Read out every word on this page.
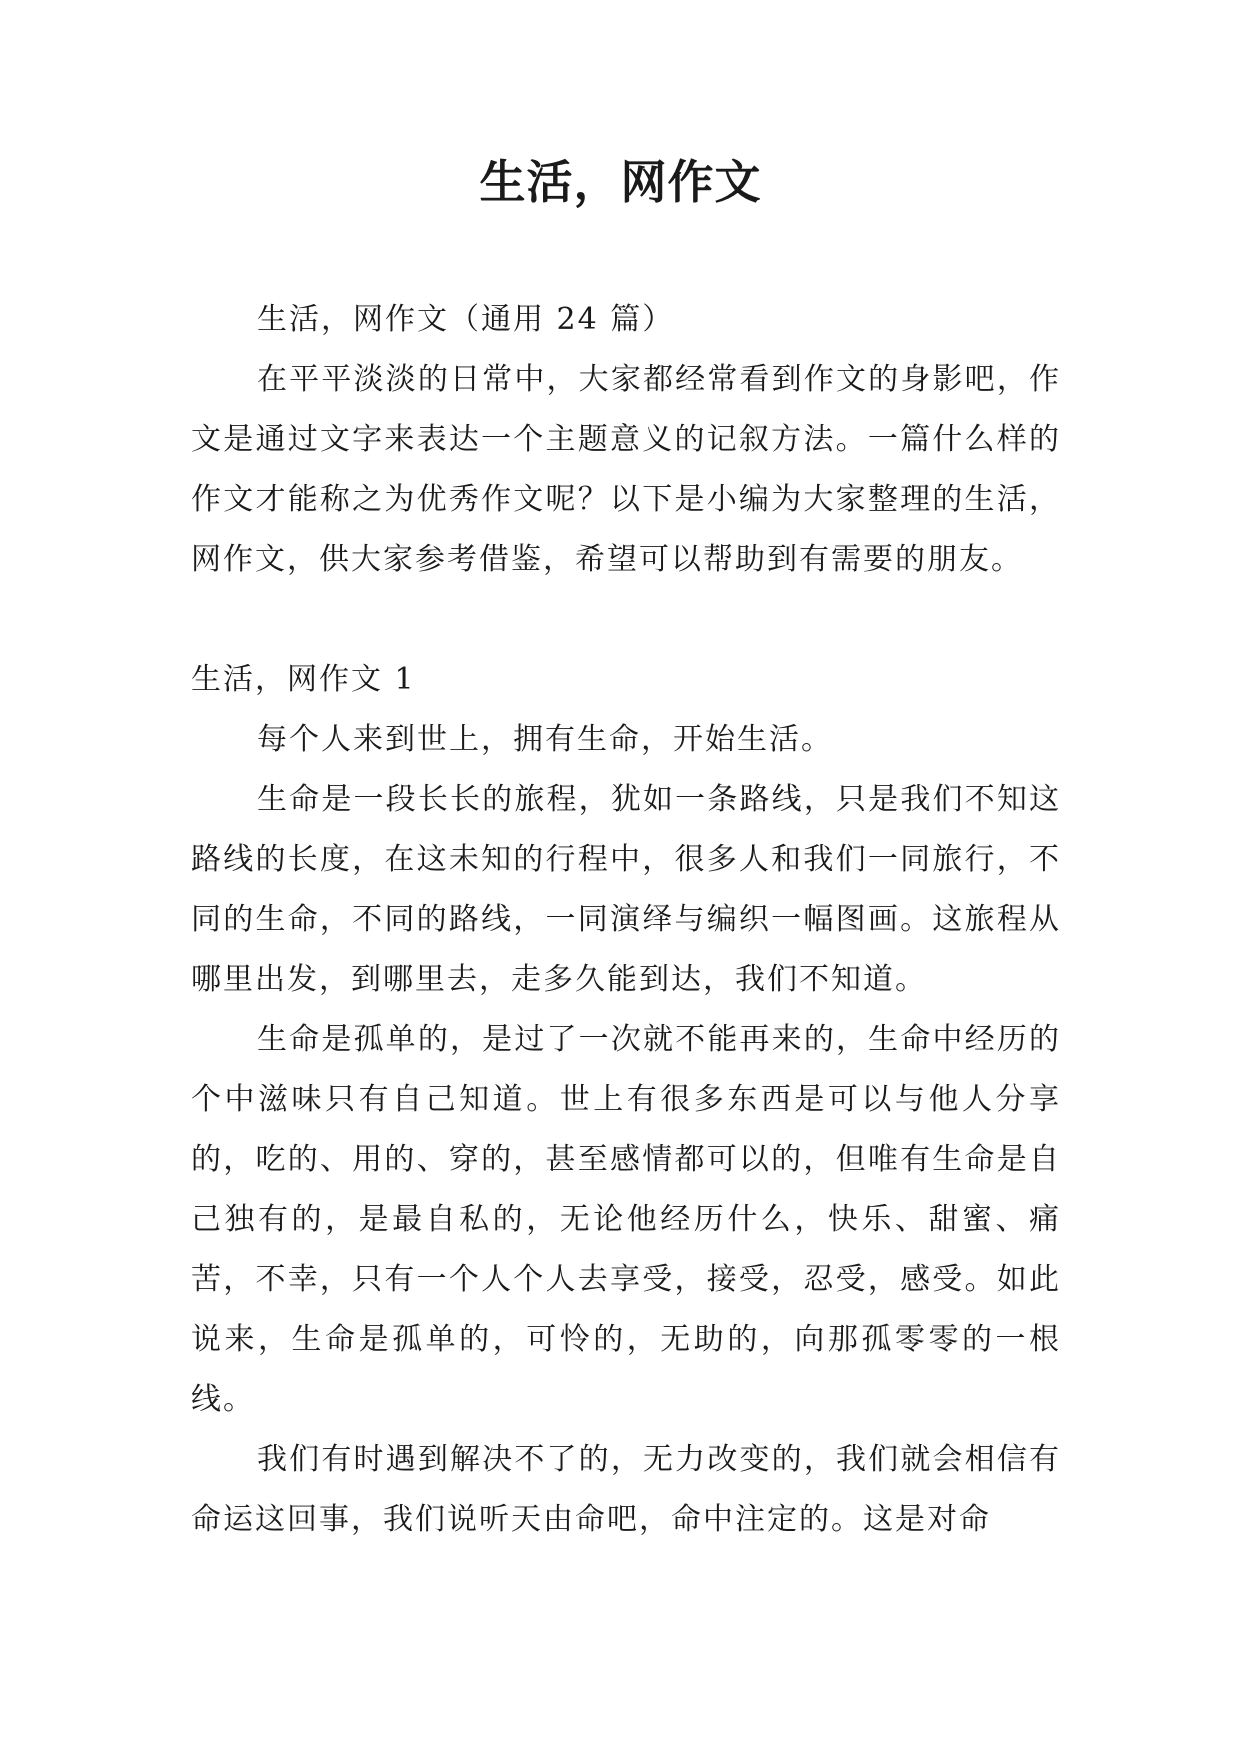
生活，网作文

生活，网作文（通用 24 篇）

在平平淡淡的日常中，大家都经常看到作文的身影吧，作文是通过文字来表达一个主题意义的记叙方法。一篇什么样的作文才能称之为优秀作文呢？以下是小编为大家整理的生活，网作文，供大家参考借鉴，希望可以帮助到有需要的朋友。

生活，网作文 1

每个人来到世上，拥有生命，开始生活。

生命是一段长长的旅程，犹如一条路线，只是我们不知这路线的长度，在这未知的行程中，很多人和我们一同旅行，不同的生命，不同的路线，一同演绎与编织一幅图画。这旅程从哪里出发，到哪里去，走多久能到达，我们不知道。

生命是孤单的，是过了一次就不能再来的，生命中经历的个中滋味只有自己知道。世上有很多东西是可以与他人分享的，吃的、用的、穿的，甚至感情都可以的，但唯有生命是自己独有的，是最自私的，无论他经历什么，快乐、甜蜜、痛苦，不幸，只有一个人个人去享受，接受，忍受，感受。如此说来，生命是孤单的，可怜的，无助的，向那孤零零的一根线。

我们有时遇到解决不了的，无力改变的，我们就会相信有命运这回事，我们说听天由命吧，命中注定的。这是对命
